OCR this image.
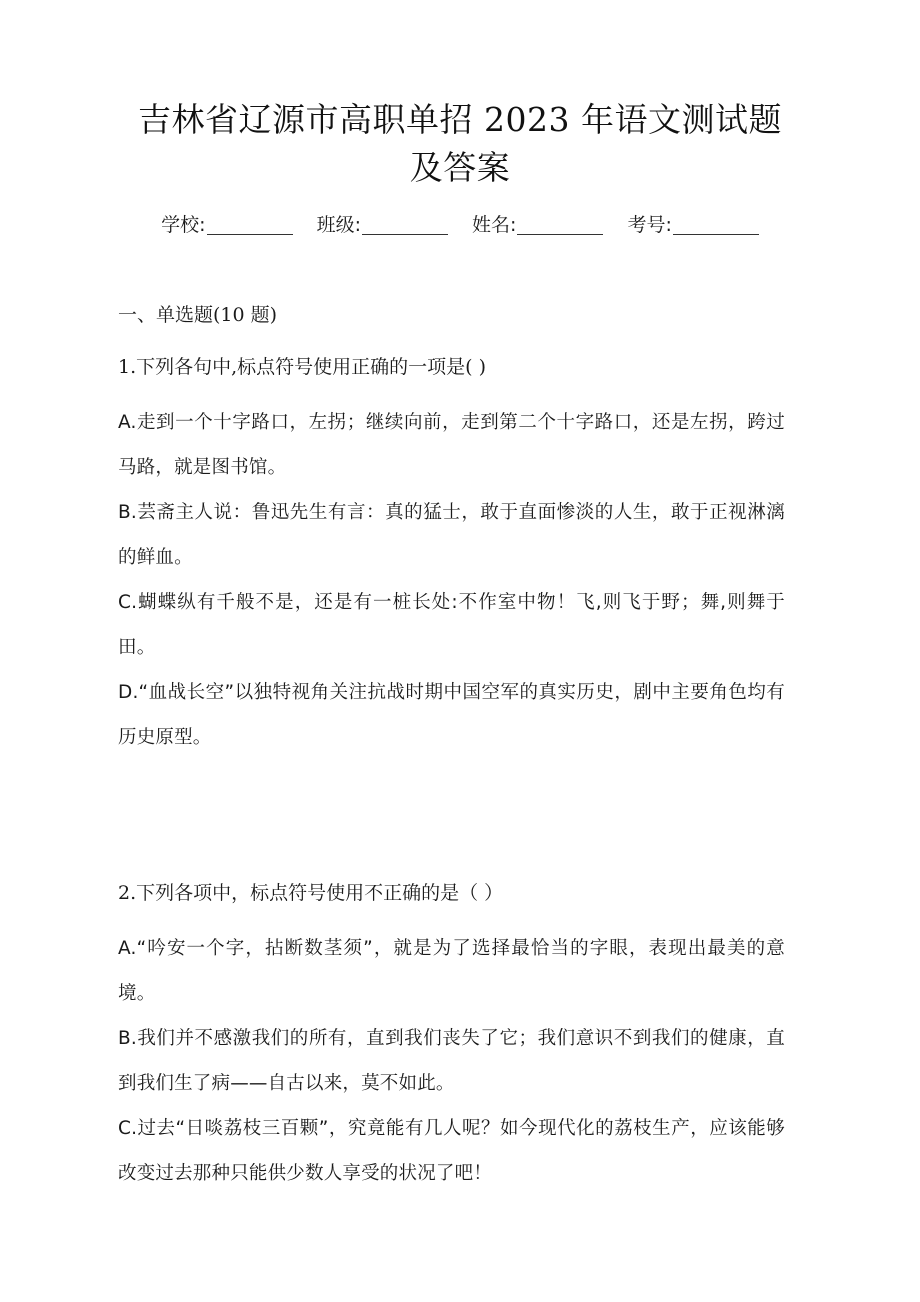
吉林省辽源市高职单招 2023 年语文测试题
及答案
学校:	班级:	姓名:	考号:

一、单选题(10 题)

1.下列各句中,标点符号使用正确的一项是( )

A.走到一个十字路口，左拐；继续向前，走到第二个十字路口，还是左拐，跨过马路，就是图书馆。

B.芸斋主人说：鲁迅先生有言：真的猛士，敢于直面惨淡的人生，敢于正视淋漓的鲜血。

C.蝴蝶纵有千般不是，还是有一桩长处:不作室中物！飞,则飞于野；舞,则舞于田。

D.“血战长空”以独特视角关注抗战时期中国空军的真实历史，剧中主要角色均有历史原型。

2.下列各项中，标点符号使用不正确的是（ ）

A.“吟安一个字，拈断数茎须”，就是为了选择最恰当的字眼，表现出最美的意境。

B.我们并不感激我们的所有，直到我们丧失了它；我们意识不到我们的健康，直到我们生了病——自古以来，莫不如此。

C.过去“日啖荔枝三百颗”，究竟能有几人呢？如今现代化的荔枝生产，应该能够改变过去那种只能供少数人享受的状况了吧！
